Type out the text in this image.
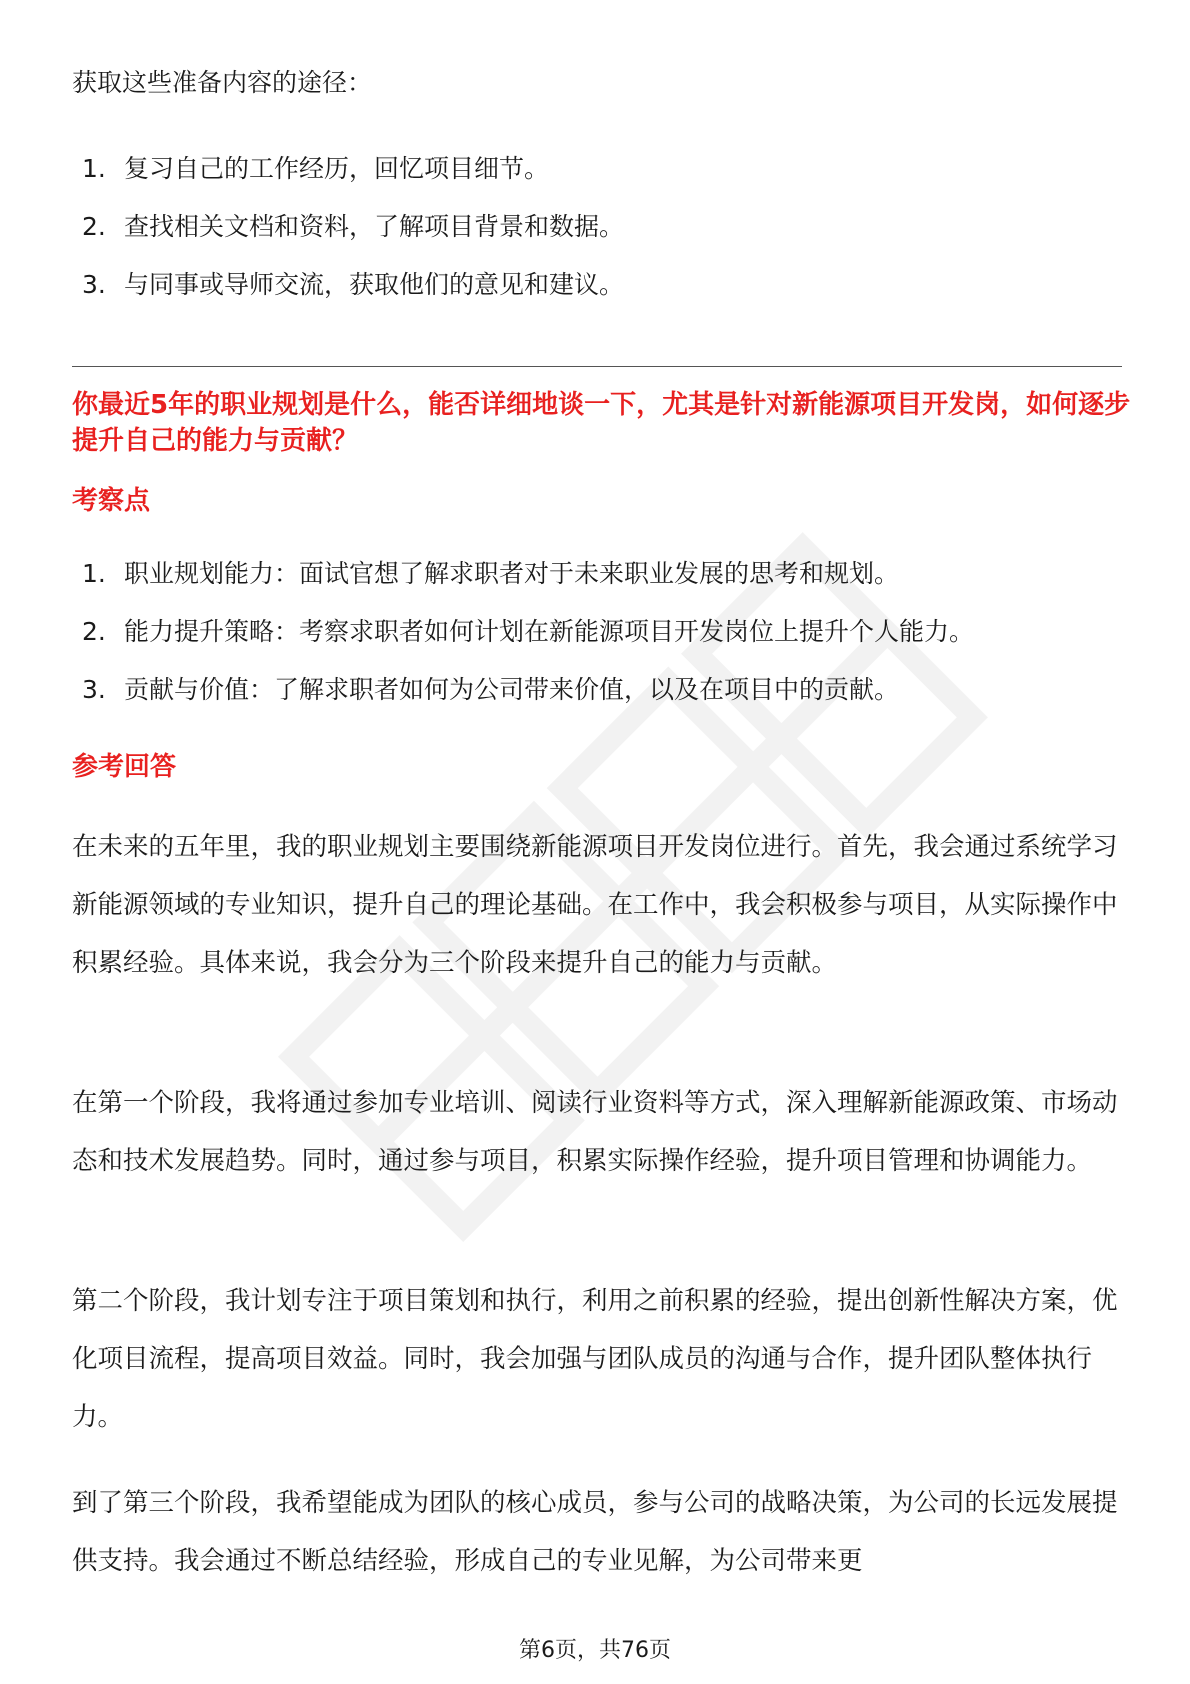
获取这些准备内容的途径：
1. 复习自己的工作经历，回忆项目细节。
2. 查找相关文档和资料，了解项目背景和数据。
3. 与同事或导师交流，获取他们的意见和建议。
你最近5年的职业规划是什么，能否详细地谈一下，尤其是针对新能源项目开发岗，如何逐步提升自己的能力与贡献？
考察点
1. 职业规划能力：面试官想了解求职者对于未来职业发展的思考和规划。
2. 能力提升策略：考察求职者如何计划在新能源项目开发岗位上提升个人能力。
3. 贡献与价值：了解求职者如何为公司带来价值，以及在项目中的贡献。
参考回答

在未来的五年里，我的职业规划主要围绕新能源项目开发岗位进行。首先，我会通过系统学习新能源领域的专业知识，提升自己的理论基础。在工作中，我会积极参与项目，从实际操作中积累经验。具体来说，我会分为三个阶段来提升自己的能力与贡献。

在第一个阶段，我将通过参加专业培训、阅读行业资料等方式，深入理解新能源政策、市场动态和技术发展趋势。同时，通过参与项目，积累实际操作经验，提升项目管理和协调能力。

第二个阶段，我计划专注于项目策划和执行，利用之前积累的经验，提出创新性解决方案，优化项目流程，提高项目效益。同时，我会加强与团队成员的沟通与合作，提升团队整体执行力。

到了第三个阶段，我希望能成为团队的核心成员，参与公司的战略决策，为公司的长远发展提供支持。我会通过不断总结经验，形成自己的专业见解，为公司带来更

第6页，共76页
